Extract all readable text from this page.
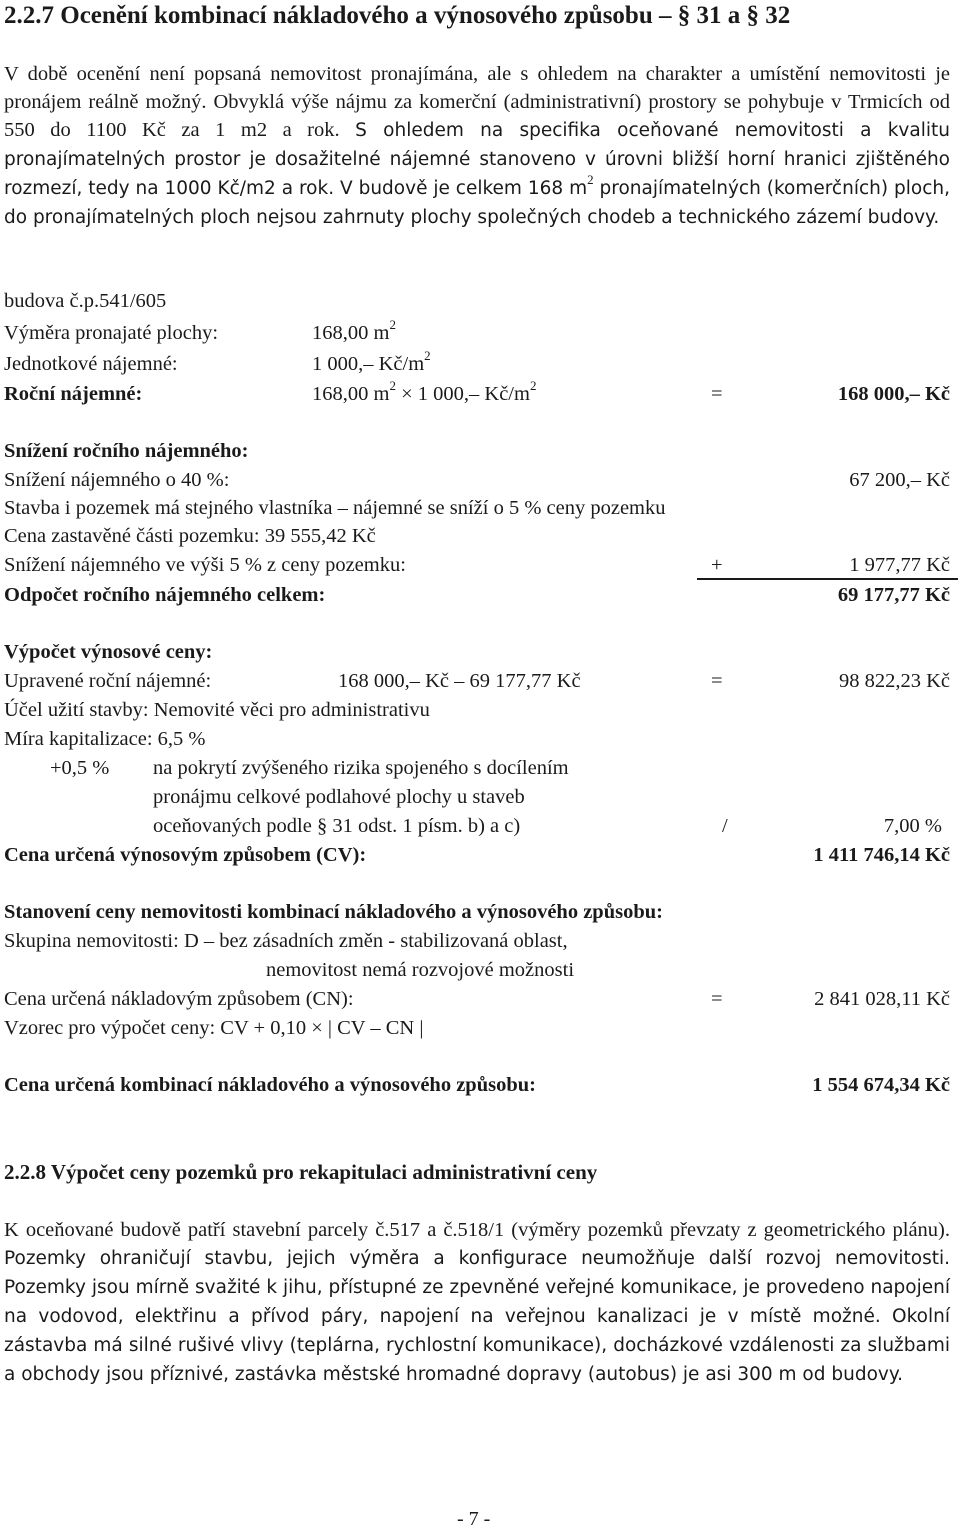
2.2.7 Ocenění kombinací nákladového a výnosového způsobu – § 31 a § 32

V době ocenění není popsaná nemovitost pronajímána, ale s ohledem na charakter a umístění nemovitosti je pronájem reálně možný. Obvyklá výše nájmu za komerční (administrativní) prostory se pohybuje v Trmicích od 550 do 1100 Kč za 1 m2 a rok. S ohledem na specifika oceňované nemovitosti a kvalitu pronajímatelných prostor je dosažitelné nájemné stanoveno v úrovni bližší horní hranici zjištěného rozmezí, tedy na 1000 Kč/m2 a rok. V budově je celkem 168 $m^2$ pronajímatelných (komerčních) ploch, do pronajímatelných ploch nejsou zahrnuty plochy společných chodeb a technického zázemí budovy.

budova č.p.541/605
Výměra pronajaté plochy:	168,00 $m^2$
Jednotkové nájemné:	1 000,– $Kč/m^2$
Roční nájemné:	168,00 $m^2 \times 1$ 000,– $Kč/m^2$	=	168 000,– Kč
Snížení ročního nájemného:
Snížení nájemného o 40 %:	67 200,– Kč
Stavba i pozemek má stejného vlastníka – nájemné se sníží o 5 % ceny pozemku
Cena zastavěné části pozemku: 39 555,42 Kč
Snížení nájemného ve výši 5 % z ceny pozemku:	+	1 977,77 Kč
Odpočet ročního nájemného celkem:	69 177,77 Kč
Výpočet výnosové ceny:
Upravené roční nájemné:	168 000,– Kč – 69 177,77 Kč	=	98 822,23 Kč
Účel užití stavby: Nemovité věci pro administrativu
Míra kapitalizace: 6,5 %
+0,5 % na pokrytí zvýšeného rizika spojeného s docílením
pronájmu celkové podlahové plochy u staveb
oceňovaných podle § 31 odst. 1 písm. b) a c)	/	7,00 %
Cena určená výnosovým způsobem (CV):	1 411 746,14 Kč
Stanovení ceny nemovitosti kombinací nákladového a výnosového způsobu:
Skupina nemovitosti: D – bez zásadních změn - stabilizovaná oblast,
nemovitost nemá rozvojové možnosti
Cena určená nákladovým způsobem (CN):	=	2 841 028,11 Kč
Vzorec pro výpočet ceny: CV + 0,10 × | CV – CN |
Cena určená kombinací nákladového a výnosového způsobu:	1 554 674,34 Kč
2.2.8 Výpočet ceny pozemků pro rekapitulaci administrativní ceny

K oceňované budově patří stavební parcely č.517 a č.518/1 (výměry pozemků převzaty z geometrického plánu). Pozemky ohraničují stavbu, jejich výměra a konfigurace neumožňuje další rozvoj nemovitosti. Pozemky jsou mírně svažité k jihu, přístupné ze zpevněné veřejné komunikace, je provedeno napojení na vodovod, elektřinu a přívod páry, napojení na veřejnou kanalizaci je v místě možné. Okolní zástavba má silné rušivé vlivy (teplárna, rychlostní komunikace), docházkové vzdálenosti za službami a obchody jsou příznivé, zastávka městské hromadné dopravy (autobus) je asi 300 m od budovy.

- 7 -
